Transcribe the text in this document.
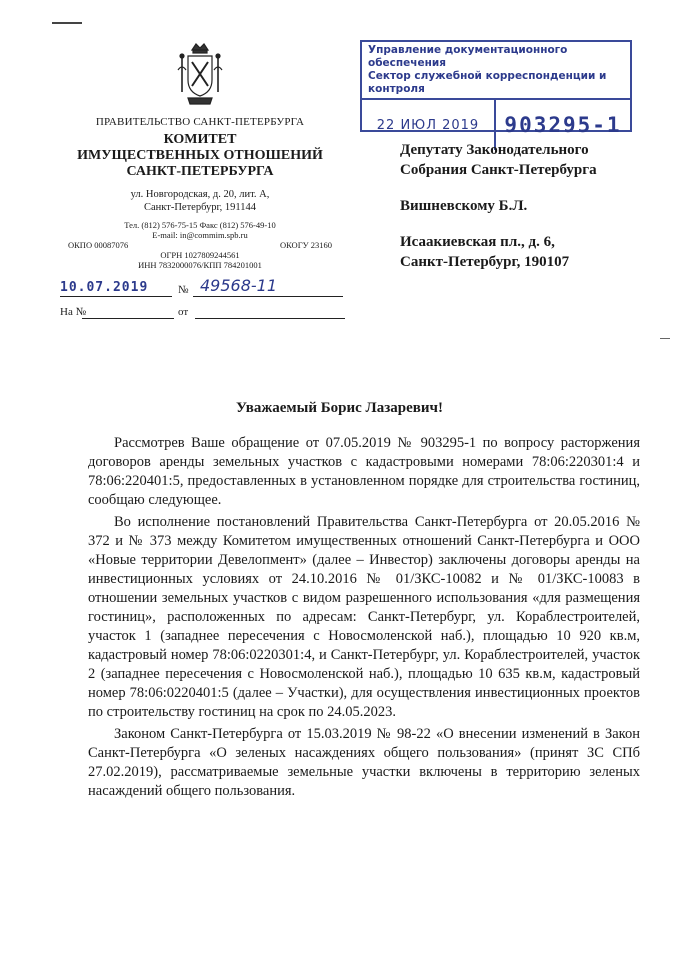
ПРАВИТЕЛЬСТВО САНКТ-ПЕТЕРБУРГА
КОМИТЕТ
ИМУЩЕСТВЕННЫХ ОТНОШЕНИЙ
САНКТ-ПЕТЕРБУРГА
ул. Новгородская, д. 20, лит. А,
Санкт-Петербург, 191144
Тел. (812) 576-75-15 Факс (812) 576-49-10
E-mail: in@commim.spb.ru
ОКПО 00087076	ОКОГУ 23160
ОГРН 1027809244561
ИНН 7832000076/КПП 784201001
10.07.2019	№ 49568-11
На №	от
Управление документационного обеспечения
Сектор служебной корреспонденции и контроля
22 ИЮЛ 2019	903295-1

Депутату Законодательного

Собрания Санкт-Петербурга

Вишневскому Б.Л.

Исаакиевская пл., д. 6,

Санкт-Петербург, 190107

Уважаемый Борис Лазаревич!

Рассмотрев Ваше обращение от 07.05.2019 № 903295-1 по вопросу расторжения договоров аренды земельных участков с кадастровыми номерами 78:06:220301:4 и 78:06:220401:5, предоставленных в установленном порядке для строительства гостиниц, сообщаю следующее.

Во исполнение постановлений Правительства Санкт-Петербурга от 20.05.2016 № 372 и № 373 между Комитетом имущественных отношений Санкт-Петербурга и ООО «Новые территории Девелопмент» (далее – Инвестор) заключены договоры аренды на инвестиционных условиях от 24.10.2016 № 01/ЗКС-10082 и № 01/ЗКС-10083 в отношении земельных участков с видом разрешенного использования «для размещения гостиниц», расположенных по адресам: Санкт-Петербург, ул. Кораблестроителей, участок 1 (западнее пересечения с Новосмоленской наб.), площадью 10 920 кв.м, кадастровый номер 78:06:0220301:4, и Санкт-Петербург, ул. Кораблестроителей, участок 2 (западнее пересечения с Новосмоленской наб.), площадью 10 635 кв.м, кадастровый номер 78:06:0220401:5 (далее – Участки), для осуществления инвестиционных проектов по строительству гостиниц на срок по 24.05.2023.

Законом Санкт-Петербурга от 15.03.2019 № 98-22 «О внесении изменений в Закон Санкт-Петербурга «О зеленых насаждениях общего пользования» (принят ЗС СПб 27.02.2019), рассматриваемые земельные участки включены в территорию зеленых насаждений общего пользования.
